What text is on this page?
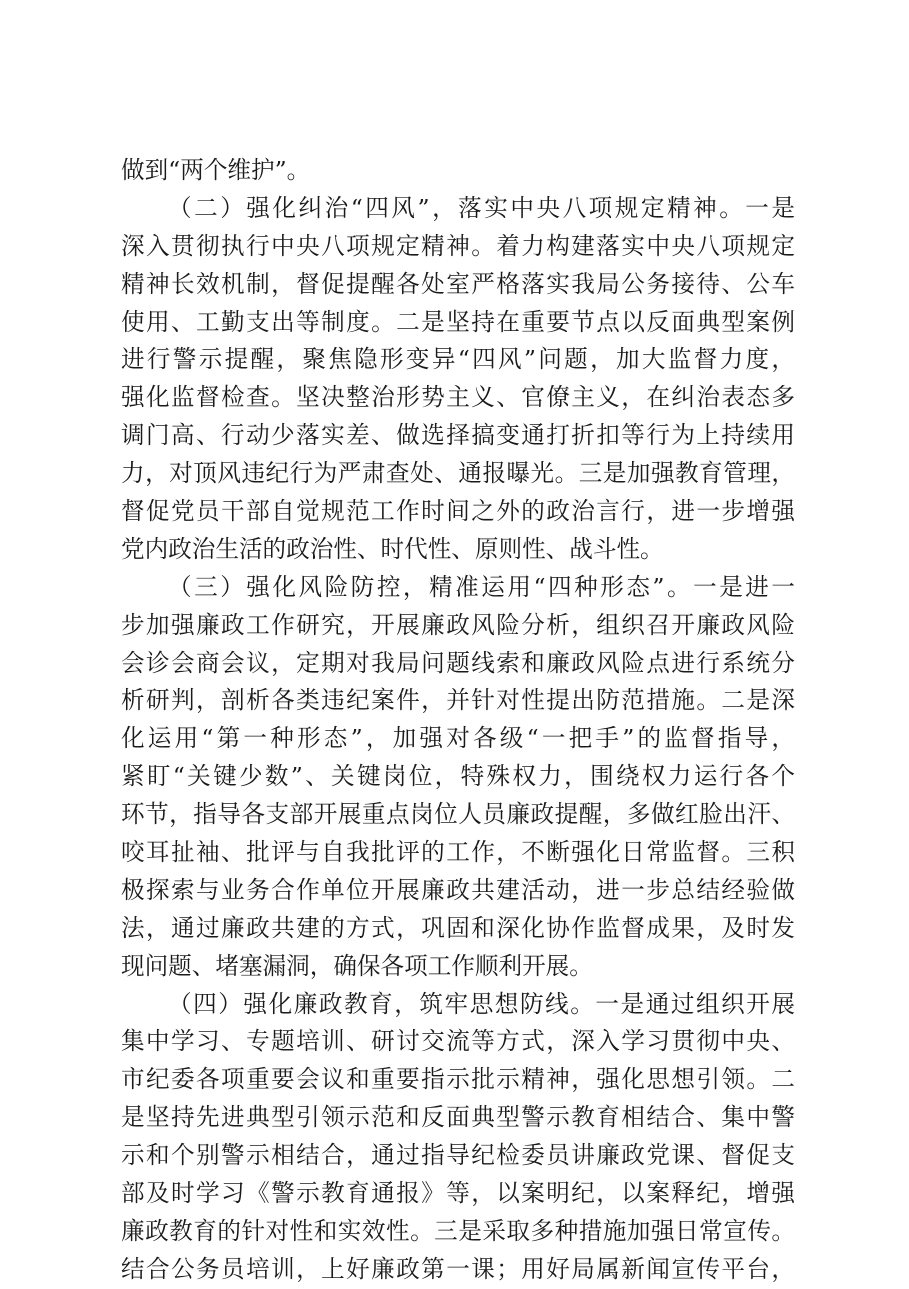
做到“两个维护”。
（二）强化纠治“四风”，落实中央八项规定精神。一是
深入贯彻执行中央八项规定精神。着力构建落实中央八项规定
精神长效机制，督促提醒各处室严格落实我局公务接待、公车
使用、工勤支出等制度。二是坚持在重要节点以反面典型案例
进行警示提醒，聚焦隐形变异“四风”问题，加大监督力度，
强化监督检查。坚决整治形势主义、官僚主义，在纠治表态多
调门高、行动少落实差、做选择搞变通打折扣等行为上持续用
力，对顶风违纪行为严肃查处、通报曝光。三是加强教育管理，
督促党员干部自觉规范工作时间之外的政治言行，进一步增强
党内政治生活的政治性、时代性、原则性、战斗性。
（三）强化风险防控，精准运用“四种形态”。一是进一
步加强廉政工作研究，开展廉政风险分析，组织召开廉政风险
会诊会商会议，定期对我局问题线索和廉政风险点进行系统分
析研判，剖析各类违纪案件，并针对性提出防范措施。二是深
化运用“第一种形态”，加强对各级“一把手”的监督指导，
紧盯“关键少数”、关键岗位，特殊权力，围绕权力运行各个
环节，指导各支部开展重点岗位人员廉政提醒，多做红脸出汗、
咬耳扯袖、批评与自我批评的工作，不断强化日常监督。三积
极探索与业务合作单位开展廉政共建活动，进一步总结经验做
法，通过廉政共建的方式，巩固和深化协作监督成果，及时发
现问题、堵塞漏洞，确保各项工作顺利开展。
（四）强化廉政教育，筑牢思想防线。一是通过组织开展
集中学习、专题培训、研讨交流等方式，深入学习贯彻中央、
市纪委各项重要会议和重要指示批示精神，强化思想引领。二
是坚持先进典型引领示范和反面典型警示教育相结合、集中警
示和个别警示相结合，通过指导纪检委员讲廉政党课、督促支
部及时学习《警示教育通报》等，以案明纪，以案释纪，增强
廉政教育的针对性和实效性。三是采取多种措施加强日常宣传。
结合公务员培训，上好廉政第一课；用好局属新闻宣传平台，
